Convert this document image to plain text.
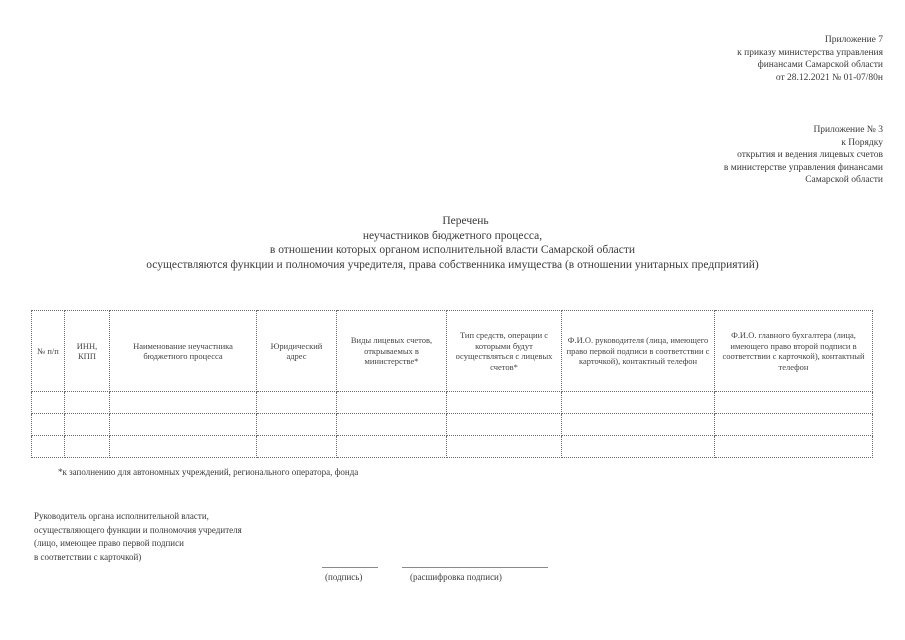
Приложение 7
к приказу министерства управления
финансами Самарской области
от 28.12.2021 № 01-07/80н
Приложение № 3
к Порядку
открытия и ведения лицевых счетов
в министерстве управления финансами
Самарской области
Перечень
неучастников бюджетного процесса,
в отношении которых органом исполнительной власти Самарской области
осуществляются функции и полномочия учредителя, права собственника имущества (в отношении унитарных предприятий)
№ п/п	ИНН, КПП	Наименование неучастника бюджетного процесса	Юридический адрес	Виды лицевых счетов, открываемых в министерстве*	Тип средств, операции с которыми будут осуществляться с лицевых счетов*	Ф.И.О. руководителя (лица, имеющего право первой подписи в соответствии с карточкой), контактный телефон	Ф.И.О. главного бухгалтера (лица, имеющего право второй подписи в соответствии с карточкой), контактный телефон

*к заполнению для автономных учреждений, регионального оператора, фонда
Руководитель органа исполнительной власти,
осуществляющего функции и полномочия учредителя
(лицо, имеющее право первой подписи
в соответствии с карточкой)
(подпись)	(расшифровка подписи)
